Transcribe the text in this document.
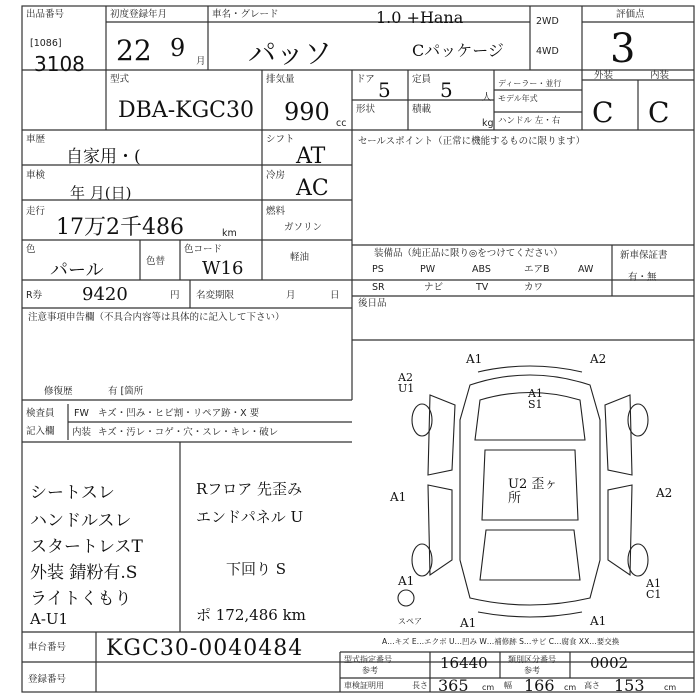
出品番号
[1086]
3108
初度登録年月
22 9 月
車名・グレード
パッソ
1.0 +Hana
Cパッケージ
2WD
4WD
評価点
3
型式
DBA-KGC30
排気量
990 cc
ドア 5
形状
定員 5	人
積載
kg
ディーラー・並行
モデル年式
ハンドル 左・右
外装	内装
C C
車歴
自家用・(
車検
年 月(日)
走行
17万2千486	km
色
パール	色替
色コード
W16
シフト
AT
冷房
AC
燃料
ガソリン
軽油
R券 9420	円 名変期限	月	日
セールスポイント（正常に機能するものに限ります）
装備品（純正品に限り◎をつけてください）
PS	PW	ABS	エアB	AW
SR	ナビ	TV	カワ
新車保証書
有・無
後日品
注意事項申告欄（不具合内容等は具体的に記入して下さい）
修復歴	有 [箇所
検査員
記入欄
FW キズ・凹み・ヒビ割・リペア跡・X 要
内装 キズ・汚レ・コゲ・穴・スレ・キレ・破レ
シートスレ
ハンドルスレ
スタートレスT
外装 錆粉有.S
ライトくもり
A-U1
Rフロア 先歪み
エンドパネル U
下回り S
ポ 172,486 km
A1	A2
A2 U1	A1 S1
U2 歪ヶ所
A1	A2
A1	A1 C1
A1	A1
スペア
A…キズ E…エクボ U…凹み W…補修跡 S…サビ C…腐食 XX…要交換
車台番号 KGC30-0040484
登録番号
型式指定番号
参考	16440	類別区分番号
参考	0002
車検証明用	長さ 365 cm 幅 166 cm 高さ 153 cm
